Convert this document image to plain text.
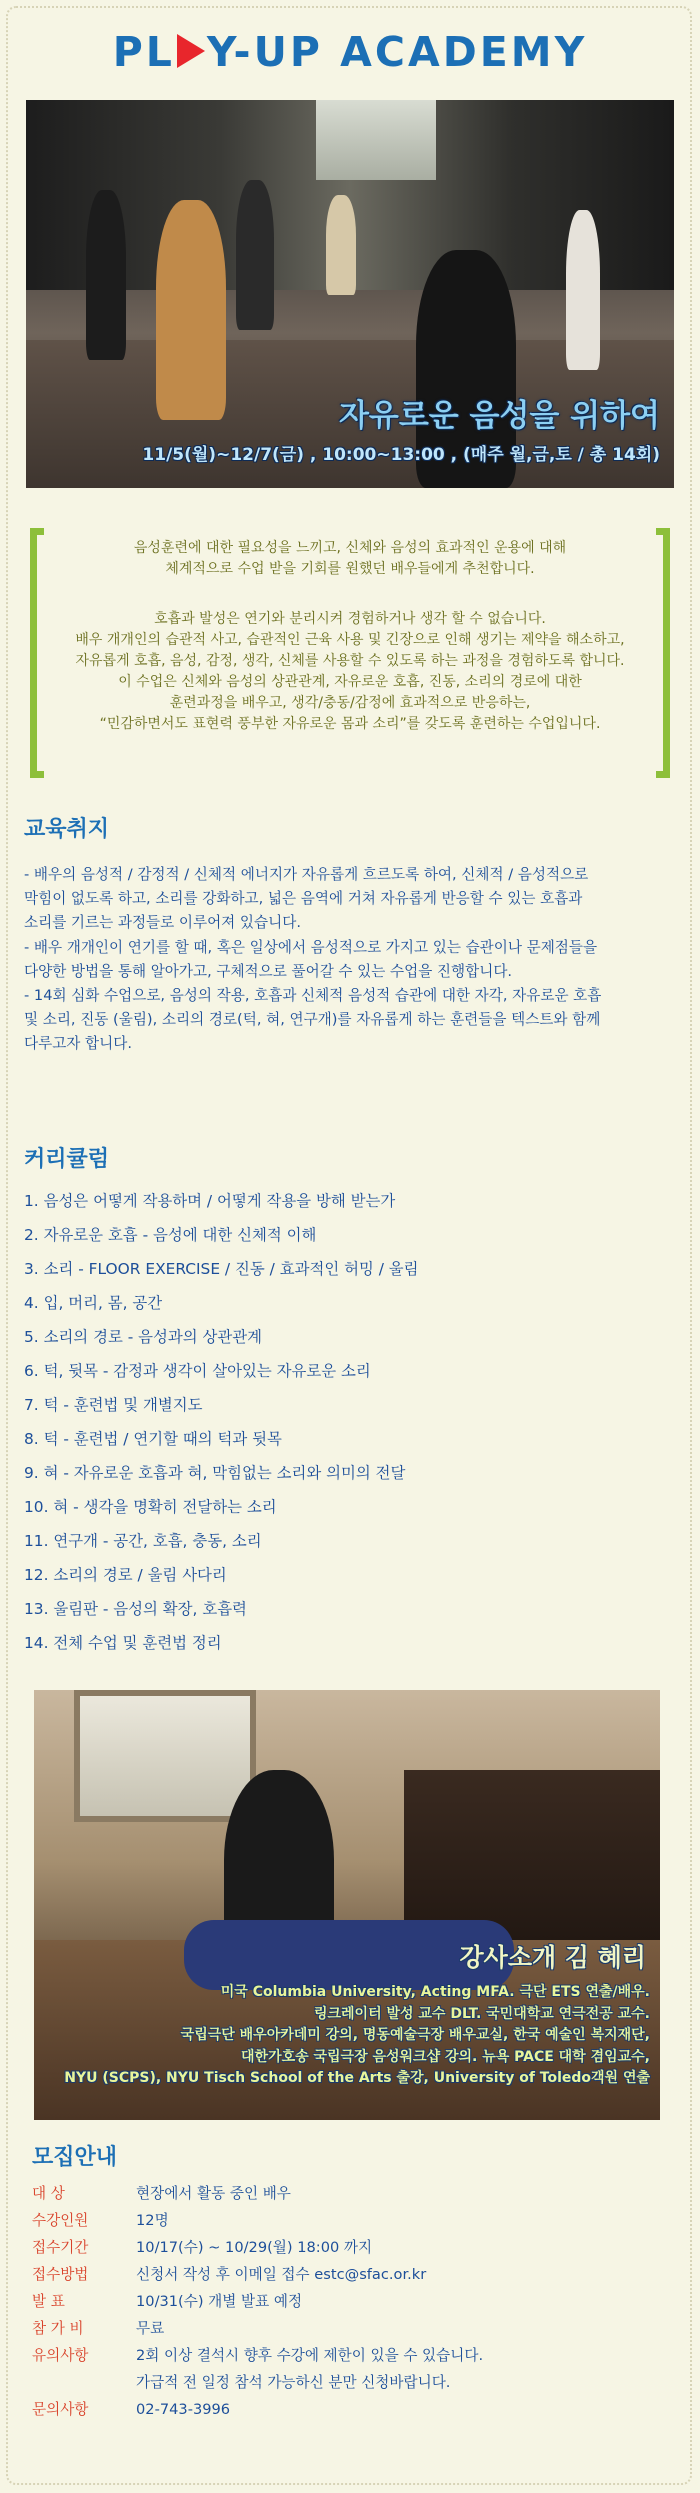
PL Y-UP ACADEMY
자유로운 음성을 위하여
11/5(월)~12/7(금) , 10:00~13:00 , (매주 월,금,토 / 총 14회)

음성훈련에 대한 필요성을 느끼고, 신체와 음성의 효과적인 운용에 대해

체계적으로 수업 받을 기회를 원했던 배우들에게 추천합니다.

호흡과 발성은 연기와 분리시켜 경험하거나 생각 할 수 없습니다.

배우 개개인의 습관적 사고, 습관적인 근육 사용 및 긴장으로 인해 생기는 제약을 해소하고,

자유롭게 호흡, 음성, 감정, 생각, 신체를 사용할 수 있도록 하는 과정을 경험하도록 합니다.

이 수업은 신체와 음성의 상관관계, 자유로운 호흡, 진동, 소리의 경로에 대한

훈련과정을 배우고, 생각/충동/감정에 효과적으로 반응하는,

“민감하면서도 표현력 풍부한 자유로운 몸과 소리”를 갖도록 훈련하는 수업입니다.

교육취지

- 배우의 음성적 / 감정적 / 신체적 에너지가 자유롭게 흐르도록 하여, 신체적 / 음성적으로

막힘이 없도록 하고, 소리를 강화하고, 넓은 음역에 거쳐 자유롭게 반응할 수 있는 호흡과

소리를 기르는 과정들로 이루어져 있습니다.

- 배우 개개인이 연기를 할 때, 혹은 일상에서 음성적으로 가지고 있는 습관이나 문제점들을

다양한 방법을 통해 알아가고, 구체적으로 풀어갈 수 있는 수업을 진행합니다.

- 14회 심화 수업으로, 음성의 작용, 호흡과 신체적 음성적 습관에 대한 자각, 자유로운 호흡

및 소리, 진동 (울림), 소리의 경로(턱, 혀, 연구개)를 자유롭게 하는 훈련들을 텍스트와 함께

다루고자 합니다.

커리큘럼
1. 음성은 어떻게 작용하며 / 어떻게 작용을 방해 받는가
2. 자유로운 호흡 - 음성에 대한 신체적 이해
3. 소리 - FLOOR EXERCISE / 진동 / 효과적인 허밍 / 울림
4. 입, 머리, 몸, 공간
5. 소리의 경로 - 음성과의 상관관계
6. 턱, 뒷목 - 감정과 생각이 살아있는 자유로운 소리
7. 턱 - 훈련법 및 개별지도
8. 턱 - 훈련법 / 연기할 때의 턱과 뒷목
9. 혀 - 자유로운 호흡과 혀, 막힘없는 소리와 의미의 전달
10. 혀 - 생각을 명확히 전달하는 소리
11. 연구개 - 공간, 호흡, 충동, 소리
12. 소리의 경로 / 울림 사다리
13. 울림판 - 음성의 확장, 호흡력
14. 전체 수업 및 훈련법 정리
강사소개 김 혜리
미국 Columbia University, Acting MFA. 극단 ETS 연출/배우.
링크레이터 발성 교수 DLT. 국민대학교 연극전공 교수.
국립극단 배우아카데미 강의, 명동예술극장 배우교실, 한국 예술인 복지재단,
대한가호송 국립극장 음성워크샵 강의. 뉴욕 PACE 대학 겸임교수,
NYU (SCPS), NYU Tisch School of the Arts 출강, University of Toledo객원 연출
모집안내
대 상	현장에서 활동 중인 배우
수강인원	12명
접수기간	10/17(수) ~ 10/29(월) 18:00 까지
접수방법	신청서 작성 후 이메일 접수 estc@sfac.or.kr
발 표	10/31(수) 개별 발표 예정
참 가 비	무료
유의사항	2회 이상 결석시 향후 수강에 제한이 있을 수 있습니다.
가급적 전 일정 참석 가능하신 분만 신청바랍니다.
문의사항	02-743-3996
